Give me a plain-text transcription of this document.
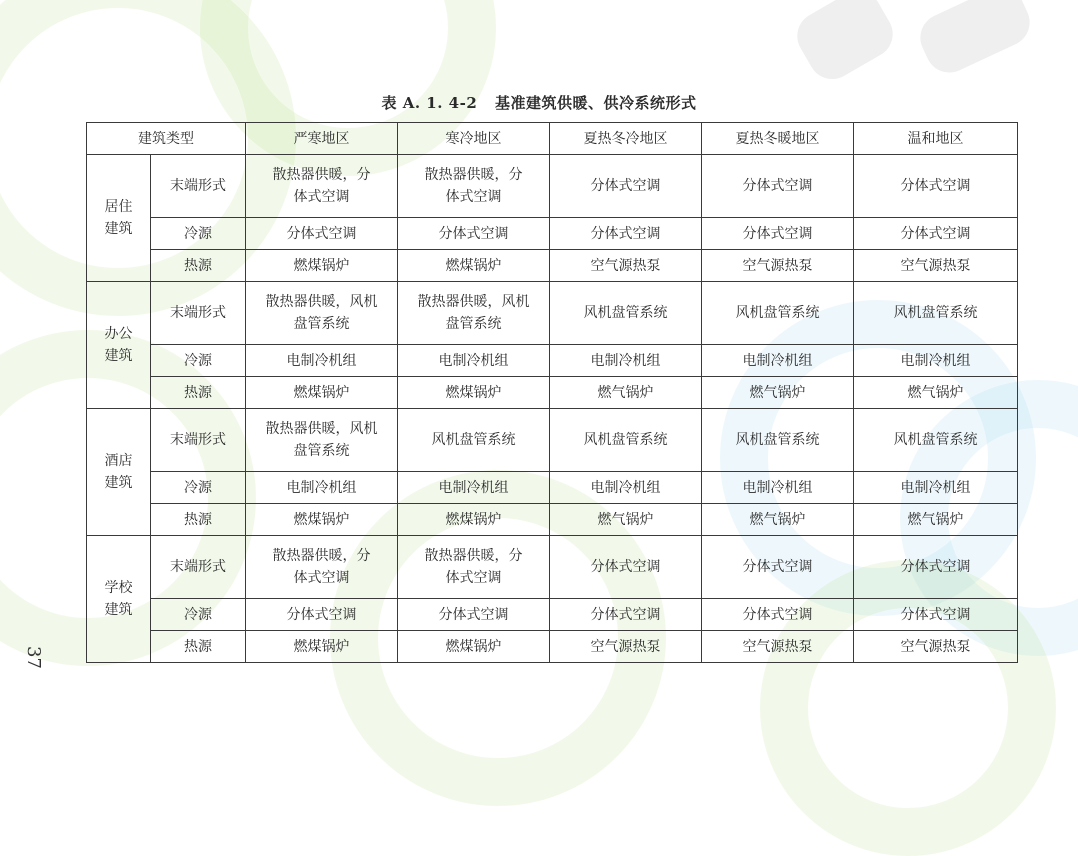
表 A. 1. 4-2 基准建筑供暖、供冷系统形式
建筑类型		严寒地区	寒冷地区	夏热冬冷地区	夏热冬暖地区	温和地区
居住建筑	末端形式	散热器供暖，分体式空调	散热器供暖，分体式空调	分体式空调	分体式空调	分体式空调
	冷源	分体式空调	分体式空调	分体式空调	分体式空调	分体式空调
	热源	燃煤锅炉	燃煤锅炉	空气源热泵	空气源热泵	空气源热泵
办公建筑	末端形式	散热器供暖，风机盘管系统	散热器供暖，风机盘管系统	风机盘管系统	风机盘管系统	风机盘管系统
	冷源	电制冷机组	电制冷机组	电制冷机组	电制冷机组	电制冷机组
	热源	燃煤锅炉	燃煤锅炉	燃气锅炉	燃气锅炉	燃气锅炉
酒店建筑	末端形式	散热器供暖，风机盘管系统	风机盘管系统	风机盘管系统	风机盘管系统	风机盘管系统
	冷源	电制冷机组	电制冷机组	电制冷机组	电制冷机组	电制冷机组
	热源	燃煤锅炉	燃煤锅炉	燃气锅炉	燃气锅炉	燃气锅炉
学校建筑	末端形式	散热器供暖，分体式空调	散热器供暖，分体式空调	分体式空调	分体式空调	分体式空调
	冷源	分体式空调	分体式空调	分体式空调	分体式空调	分体式空调
	热源	燃煤锅炉	燃煤锅炉	空气源热泵	空气源热泵	空气源热泵
37
